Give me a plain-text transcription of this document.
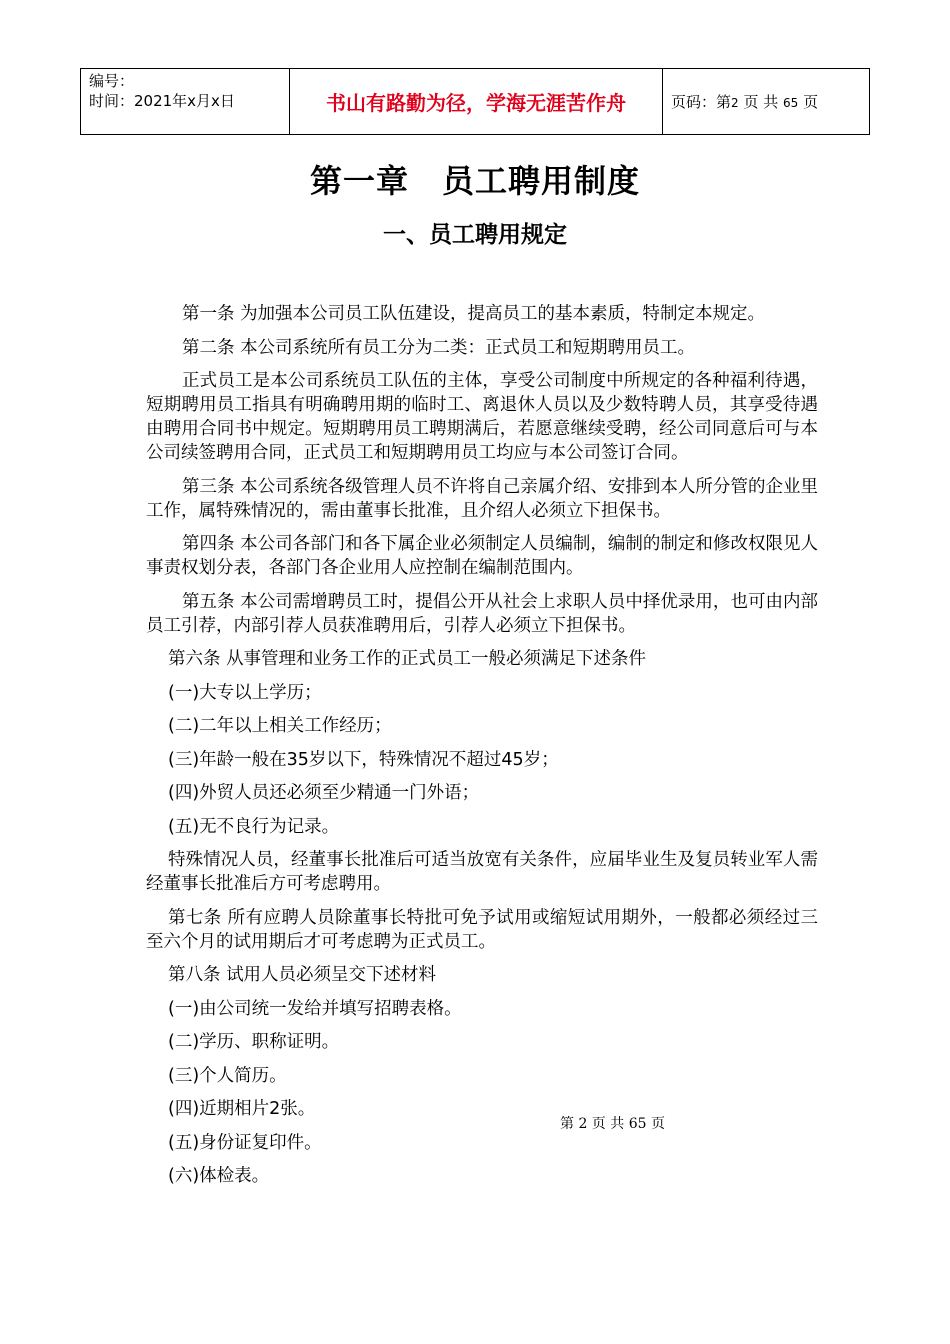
编号：
时间：2021年x月x日	书山有路勤为径，学海无涯苦作舟	页码：第2 页 共 65 页
第一章　员工聘用制度
一、员工聘用规定

第一条 为加强本公司员工队伍建设，提高员工的基本素质，特制定本规定。

第二条 本公司系统所有员工分为二类：正式员工和短期聘用员工。

正式员工是本公司系统员工队伍的主体，享受公司制度中所规定的各种福利待遇，短期聘用员工指具有明确聘用期的临时工、离退休人员以及少数特聘人员，其享受待遇由聘用合同书中规定。短期聘用员工聘期满后，若愿意继续受聘，经公司同意后可与本公司续签聘用合同，正式员工和短期聘用员工均应与本公司签订合同。

第三条 本公司系统各级管理人员不许将自己亲属介绍、安排到本人所分管的企业里工作，属特殊情况的，需由董事长批准，且介绍人必须立下担保书。

第四条 本公司各部门和各下属企业必须制定人员编制，编制的制定和修改权限见人事责权划分表，各部门各企业用人应控制在编制范围内。

第五条 本公司需增聘员工时，提倡公开从社会上求职人员中择优录用，也可由内部员工引荐，内部引荐人员获准聘用后，引荐人必须立下担保书。

第六条 从事管理和业务工作的正式员工一般必须满足下述条件

(一)大专以上学历；

(二)二年以上相关工作经历；

(三)年龄一般在35岁以下，特殊情况不超过45岁；

(四)外贸人员还必须至少精通一门外语；

(五)无不良行为记录。

特殊情况人员，经董事长批准后可适当放宽有关条件，应届毕业生及复员转业军人需经董事长批准后方可考虑聘用。

第七条 所有应聘人员除董事长特批可免予试用或缩短试用期外，一般都必须经过三至六个月的试用期后才可考虑聘为正式员工。

第八条 试用人员必须呈交下述材料

(一)由公司统一发给并填写招聘表格。

(二)学历、职称证明。

(三)个人简历。

(四)近期相片2张。

(五)身份证复印件。

(六)体检表。

第 2 页 共 65 页
